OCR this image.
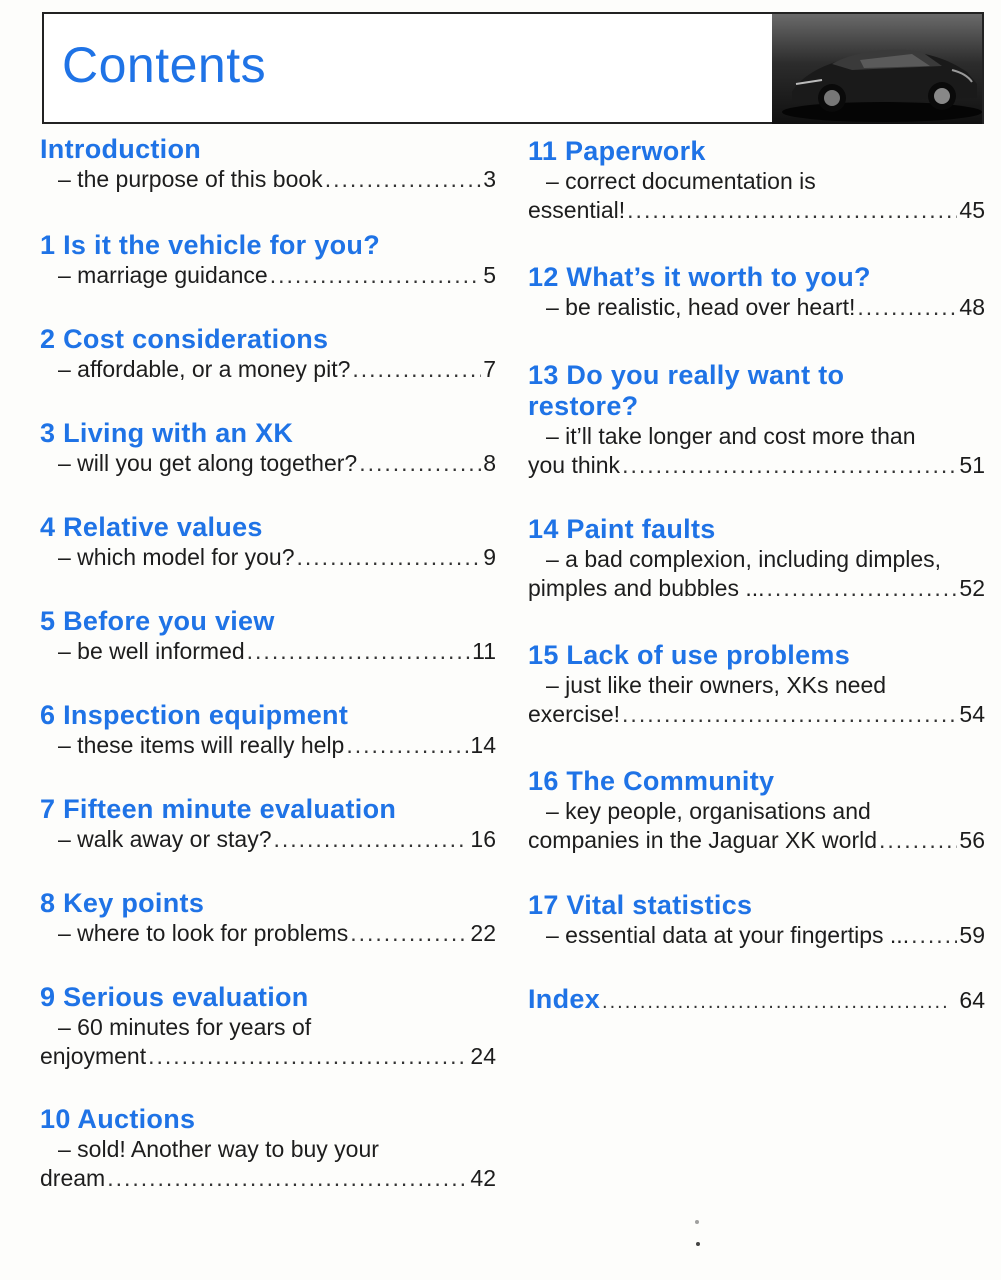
Contents
Introduction
– the purpose of this book .....	3
1 Is it the vehicle for you?
– marriage guidance .....	5
2 Cost considerations
– affordable, or a money pit? .....	7
3 Living with an XK
– will you get along together? .....	8
4 Relative values
– which model for you? .....	9
5 Before you view
– be well informed .....	11
6 Inspection equipment
– these items will really help .....	14
7 Fifteen minute evaluation
– walk away or stay? .....	16
8 Key points
– where to look for problems .....	22
9 Serious evaluation
– 60 minutes for years of
enjoyment .....	24
10 Auctions
– sold! Another way to buy your
dream .....	42
11 Paperwork
– correct documentation is
essential! .....	45
12 What’s it worth to you?
– be realistic, head over heart! .....	48
13 Do you really want to
restore?
– it’ll take longer and cost more than
you think .....	51
14 Paint faults
– a bad complexion, including dimples,
pimples and bubbles ... .....	52
15 Lack of use problems
– just like their owners, XKs need
exercise! .....	54
16 The Community
– key people, organisations and
companies in the Jaguar XK world .....	56
17 Vital statistics
– essential data at your fingertips ... ..... 59
Index .....	64
